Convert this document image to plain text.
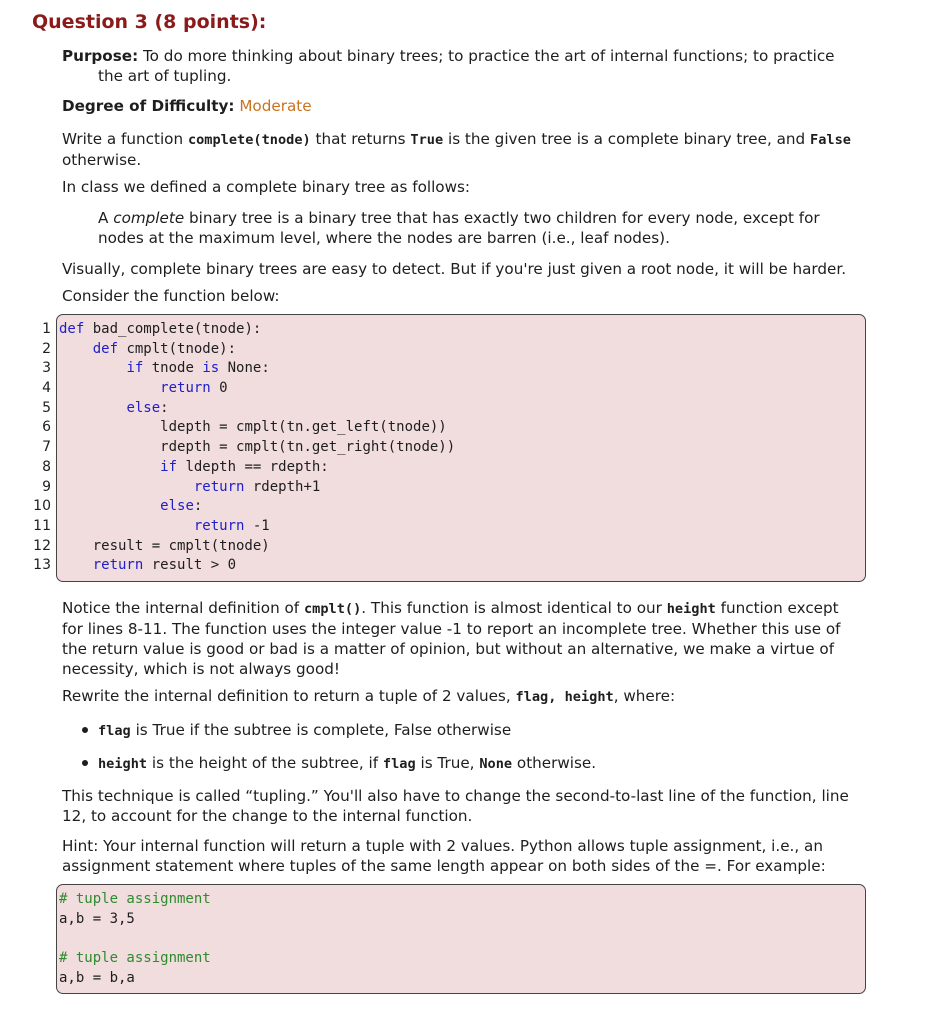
Question 3 (8 points):

Purpose: To do more thinking about binary trees; to practice the art of internal functions; to practice the art of tupling.

Degree of Difficulty: Moderate

Write a function complete(tnode) that returns True is the given tree is a complete binary tree, and False otherwise.

In class we defined a complete binary tree as follows:

A complete binary tree is a binary tree that has exactly two children for every node, except for nodes at the maximum level, where the nodes are barren (i.e., leaf nodes).

Visually, complete binary trees are easy to detect. But if you're just given a root node, it will be harder.

Consider the function below:

1 def bad_complete(tnode):
2	def cmplt(tnode):
3	if tnode is None:
4	return 0
5	else:
6	ldepth = cmplt(tn.get_left(tnode))
7	rdepth = cmplt(tn.get_right(tnode))
8	if ldepth == rdepth:
9	return rdepth+1
10	else:
11	return -1
12	result = cmplt(tnode)
13	return result > 0

Notice the internal definition of cmplt(). This function is almost identical to our height function except for lines 8-11. The function uses the integer value -1 to report an incomplete tree. Whether this use of the return value is good or bad is a matter of opinion, but without an alternative, we make a virtue of necessity, which is not always good!

Rewrite the internal definition to return a tuple of 2 values, flag, height, where:

flag is True if the subtree is complete, False otherwise
height is the height of the subtree, if flag is True, None otherwise.

This technique is called “tupling.” You'll also have to change the second-to-last line of the function, line 12, to account for the change to the internal function.

Hint: Your internal function will return a tuple with 2 values. Python allows tuple assignment, i.e., an assignment statement where tuples of the same length appear on both sides of the =. For example:

# tuple assignment
a,b = 3,5
# tuple assignment
a,b = b,a
